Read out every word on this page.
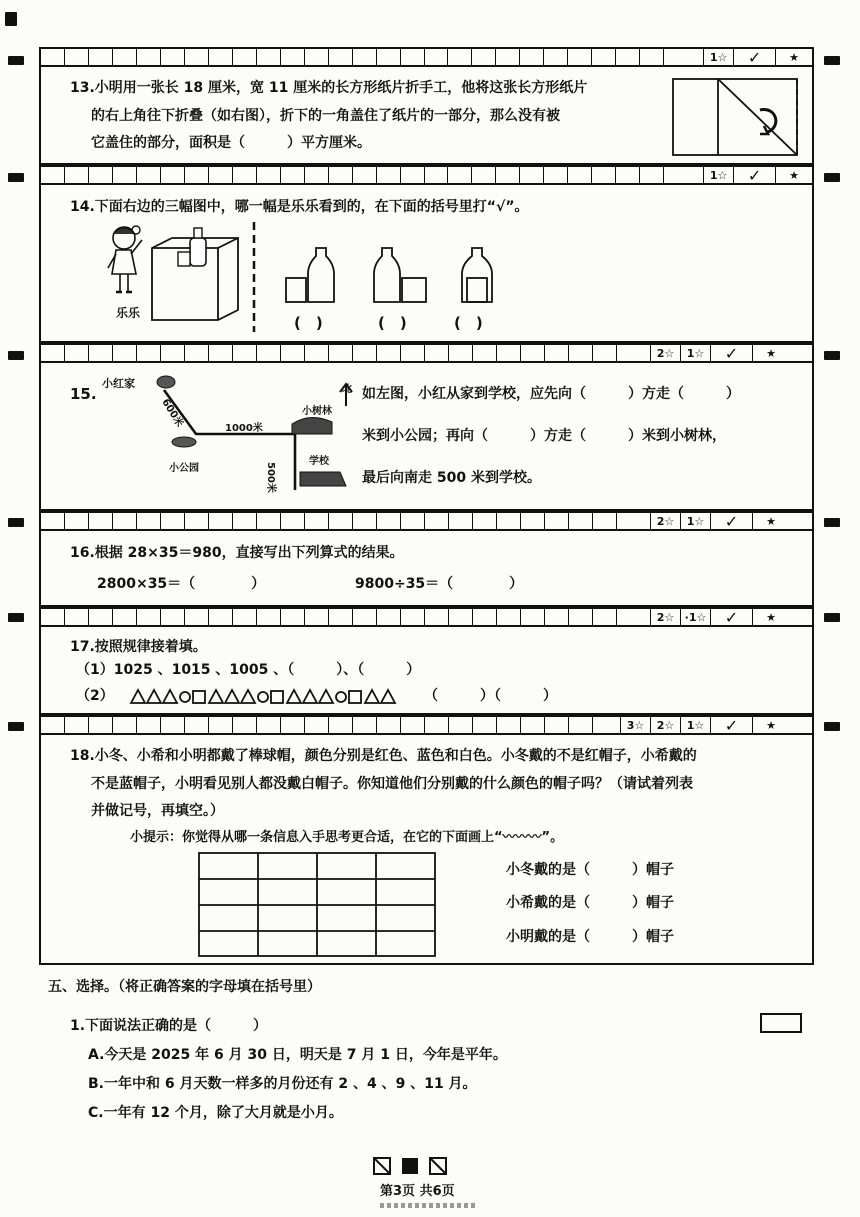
1☆	✓	★
13.小明用一张长 18 厘米，宽 11 厘米的长方形纸片折手工，他将这张长方形纸片
的右上角往下折叠（如右图），折下的一角盖住了纸片的一部分，那么没有被
它盖住的部分，面积是（　　　）平方厘米。
1☆	✓	★
14.下面右边的三幅图中，哪一幅是乐乐看到的，在下面的括号里打“√”。
乐乐
(　)	(　)	(　)
2☆	1☆	✓	★
15.
小红家
600米	1000米
小公园
小树林
500米
学校
北 如左图，小红从家到学校，应先向（　　　）方走（　　　）
米到小公园；再向（　　　）方走（　　　）米到小树林，
最后向南走 500 米到学校。
2☆	1☆	✓	★
16.根据 28×35＝980，直接写出下列算式的结果。
2800×35＝（　　　　）	9800÷35＝（　　　　）
2☆ ·1☆	✓	★
17.按照规律接着填。
（1）1025 、1015 、1005 、（　　　）、（　　　）
（2）	（　　　）（　　　）
3☆	2☆	1☆	✓	★
18.小冬、小希和小明都戴了棒球帽，颜色分别是红色、蓝色和白色。小冬戴的不是红帽子，小希戴的
不是蓝帽子，小明看见别人都没戴白帽子。你知道他们分别戴的什么颜色的帽子吗？（请试着列表
并做记号，再填空。）
小提示：你觉得从哪一条信息入手思考更合适，在它的下面画上“〰〰〰”。
小冬戴的是（　　　）帽子
小希戴的是（　　　）帽子
小明戴的是（　　　）帽子
五、选择。（将正确答案的字母填在括号里）
1.下面说法正确的是（　　　）
A.今天是 2025 年 6 月 30 日，明天是 7 月 1 日，今年是平年。
B.一年中和 6 月天数一样多的月份还有 2 、4 、9 、11 月。
C.一年有 12 个月，除了大月就是小月。
第3页 共6页
